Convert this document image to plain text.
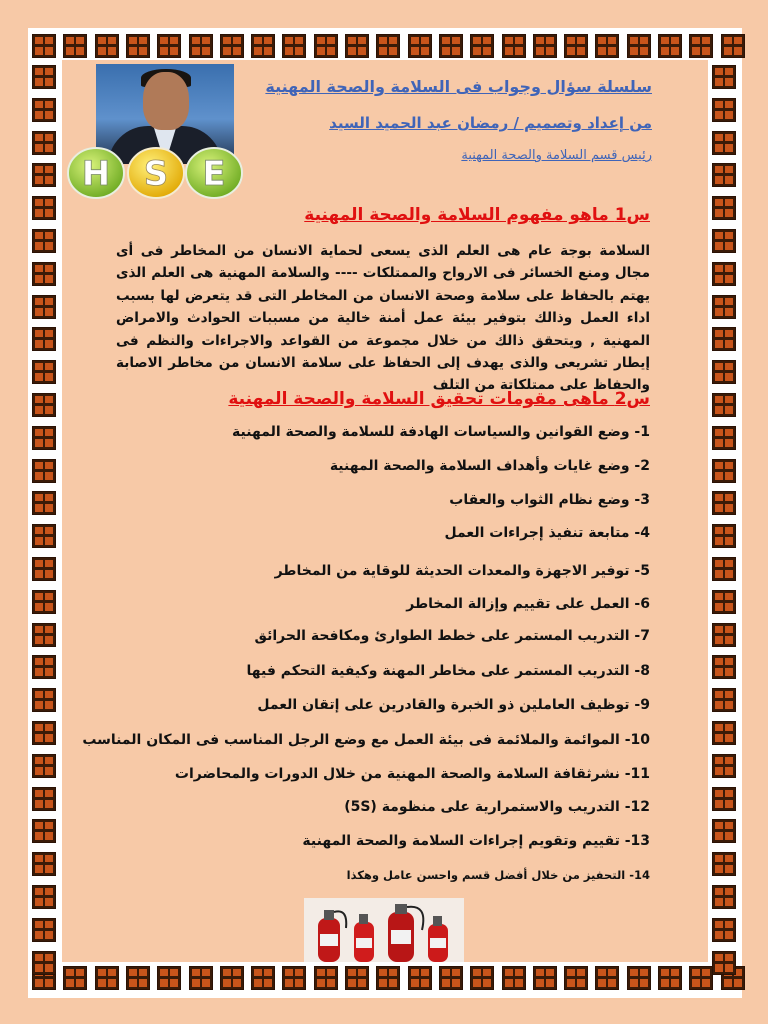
H S E
سلسلة سؤال وجواب فى السلامة والصحة المهنية
من إعداد وتصميم / رمضان عبد الحميد السيد
رئيس قسم السلامة والصحة المهنية
س1 ماهو مفهوم السلامة والصحة المهنية
السلامة بوجة عام هى العلم الذى يسعى لحماية الانسان من المخاطر فى أى مجال ومنع الخسائر فى الارواح والممتلكات ---- والسلامة المهنية هى العلم الذى يهتم بالحفاظ على سلامة وصحة الانسان من المخاطر التى قد يتعرض لها بسبب اداء العمل وذالك بتوفير بيئة عمل أمنة خالية من مسببات الحوادث والامراض المهنية , ويتحقق ذالك من خلال مجموعة من القواعد والاجراءات والنظم فى إيطار تشريعى والذى يهدف إلى الحفاظ على سلامة الانسان من مخاطر الاصابة والحفاظ على ممتلكاتة من التلف
س2 ماهى مقومات تحقيق السلامة والصحة المهنية
1- وضع القوانين والسياسات الهادفة للسلامة والصحة المهنية
2- وضع غايات وأهداف السلامة والصحة المهنية
3- وضع نظام الثواب والعقاب
4- متابعة تنفيذ إجراءات العمل
5- توفير الاجهزة والمعدات الحديثة للوقاية من المخاطر
6- العمل على تقييم وإزالة المخاطر
7- التدريب المستمر على خطط الطوارئ ومكافحة الحرائق
8- التدريب المستمر على مخاطر المهنة وكيفية التحكم فيها
9- توظيف العاملين ذو الخبرة والقادرين على إتقان العمل
10- الموائمة والملائمة فى بيئة العمل مع وضع الرجل المناسب فى المكان المناسب
11- نشرثقافة السلامة والصحة المهنية من خلال الدورات والمحاضرات
12- التدريب والاستمرارية على منظومة (5S)
13- تقييم وتقويم إجراءات السلامة والصحة المهنية
14- التحفيز من خلال أفضل قسم واحسن عامل وهكذا
